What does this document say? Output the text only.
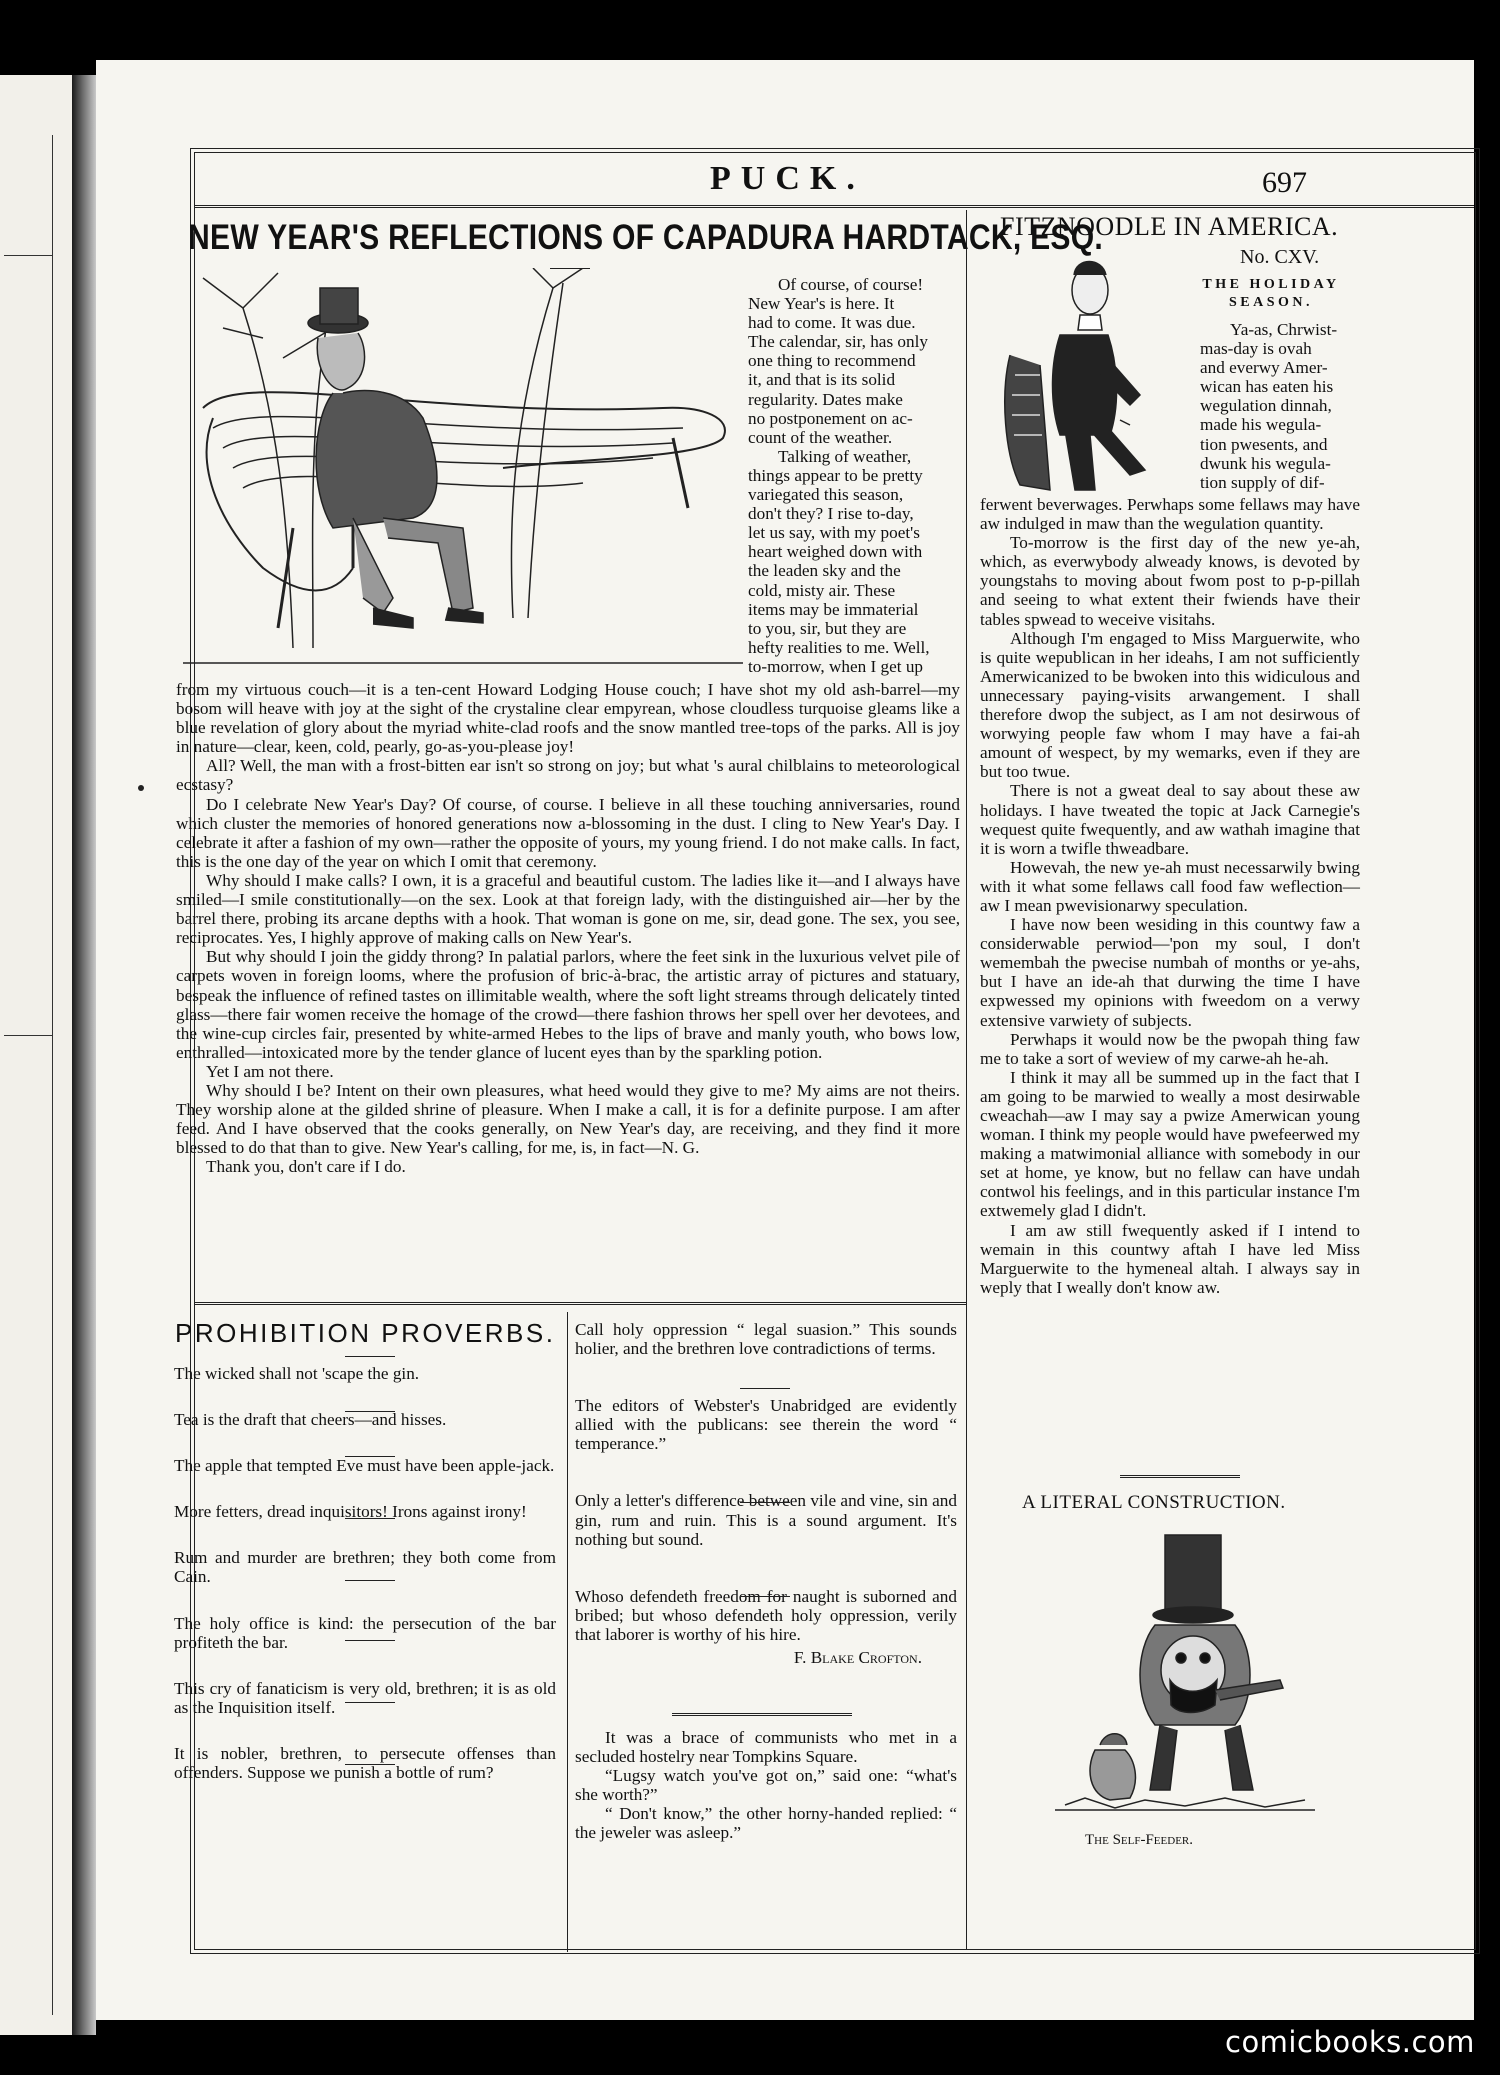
PUCK.	697
NEW YEAR'S REFLECTIONS OF CAPADURA HARDTACK, ESQ.

Of course, of course!

New Year's is here. It

had to come. It was due.

The calendar, sir, has only

one thing to recommend

it, and that is its solid

regularity. Dates make

no postponement on ac-

count of the weather.

Talking of weather,

things appear to be pretty

variegated this season,

don't they? I rise to-day,

let us say, with my poet's

heart weighed down with

the leaden sky and the

cold, misty air. These

items may be immaterial

to you, sir, but they are

hefty realities to me. Well,

to-morrow, when I get up

from my virtuous couch—it is a ten-cent Howard Lodging House couch; I have shot my old ash-barrel—my bosom will heave with joy at the sight of the crystaline clear empyrean, whose cloudless turquoise gleams like a blue revelation of glory about the myriad white-clad roofs and the snow mantled tree-tops of the parks. All is joy in nature—clear, keen, cold, pearly, go-as-you-please joy!

All? Well, the man with a frost-bitten ear isn't so strong on joy; but what 's aural chilblains to meteorological ecstasy?

Do I celebrate New Year's Day? Of course, of course. I believe in all these touching anniversaries, round which cluster the memories of honored generations now a-blossoming in the dust. I cling to New Year's Day. I celebrate it after a fashion of my own—rather the opposite of yours, my young friend. I do not make calls. In fact, this is the one day of the year on which I omit that ceremony.

Why should I make calls? I own, it is a graceful and beautiful custom. The ladies like it—and I always have smiled—I smile constitutionally—on the sex. Look at that foreign lady, with the distinguished air—her by the barrel there, probing its arcane depths with a hook. That woman is gone on me, sir, dead gone. The sex, you see, reciprocates. Yes, I highly approve of making calls on New Year's.

But why should I join the giddy throng? In palatial parlors, where the feet sink in the luxurious velvet pile of carpets woven in foreign looms, where the profusion of bric-à-brac, the artistic array of pictures and statuary, bespeak the influence of refined tastes on illimitable wealth, where the soft light streams through delicately tinted glass—there fair women receive the homage of the crowd—there fashion throws her spell over her devotees, and the wine-cup circles fair, presented by white-armed Hebes to the lips of brave and manly youth, who bows low, enthralled—intoxicated more by the tender glance of lucent eyes than by the sparkling potion.

Yet I am not there.

Why should I be? Intent on their own pleasures, what heed would they give to me? My aims are not theirs. They worship alone at the gilded shrine of pleasure. When I make a call, it is for a definite purpose. I am after feed. And I have observed that the cooks generally, on New Year's day, are receiving, and they find it more blessed to do that than to give. New Year's calling, for me, is, in fact—N. G.

Thank you, don't care if I do.

FITZNOODLE IN AMERICA.
No. CXV.
THE HOLIDAY SEASON.

Ya-as, Chrwist-

mas-day is ovah

and everwy Amer-

wican has eaten his

wegulation dinnah,

made his wegula-

tion pwesents, and

dwunk his wegula-

tion supply of dif-

ferwent beverwages. Perwhaps some fellaws may have aw indulged in maw than the wegulation quantity.

To-morrow is the first day of the new ye-ah, which, as everwybody alweady knows, is devoted by youngstahs to moving about fwom post to p-p-pillah and seeing to what extent their fwiends have their tables spwead to weceive visitahs.

Although I'm engaged to Miss Marguerwite, who is quite wepublican in her ideahs, I am not sufficiently Amerwicanized to be bwoken into this widiculous and unnecessary paying-visits arwangement. I shall therefore dwop the subject, as I am not desirwous of worwying people faw whom I may have a fai-ah amount of wespect, by my wemarks, even if they are but too twue.

There is not a gweat deal to say about these aw holidays. I have tweated the topic at Jack Carnegie's wequest quite fwequently, and aw wathah imagine that it is worn a twifle thweadbare.

Howevah, the new ye-ah must necessarwily bwing with it what some fellaws call food faw weflection—aw I mean pwevisionarwy speculation.

I have now been wesiding in this countwy faw a considerwable perwiod—'pon my soul, I don't wemembah the pwecise numbah of months or ye-ahs, but I have an ide-ah that durwing the time I have expwessed my opinions with fweedom on a verwy extensive varwiety of subjects.

Perwhaps it would now be the pwopah thing faw me to take a sort of weview of my carwe-ah he-ah.

I think it may all be summed up in the fact that I am going to be marwied to weally a most desirwable cweachah—aw I may say a pwize Amerwican young woman. I think my people would have pwefeerwed my making a matwimonial alliance with somebody in our set at home, ye know, but no fellaw can have undah contwol his feelings, and in this particular instance I'm extwemely glad I didn't.

I am aw still fwequently asked if I intend to wemain in this countwy aftah I have led Miss Marguerwite to the hymeneal altah. I always say in weply that I weally don't know aw.

A LITERAL CONSTRUCTION.
The Self-Feeder.
PROHIBITION PROVERBS.

The wicked shall not 'scape the gin.

Tea is the draft that cheers—and hisses.

The apple that tempted Eve must have been apple-jack.

More fetters, dread inquisitors! Irons against irony!

Rum and murder are brethren; they both come from Cain.

The holy office is kind: the persecution of the bar profiteth the bar.

This cry of fanaticism is very old, brethren; it is as old as the Inquisition itself.

It is nobler, brethren, to persecute offenses than offenders. Suppose we punish a bottle of rum?

Call holy oppression “ legal suasion.” This sounds holier, and the brethren love contradictions of terms.

The editors of Webster's Unabridged are evidently allied with the publicans: see therein the word “ temperance.”

Only a letter's difference between vile and vine, sin and gin, rum and ruin. This is a sound argument. It's nothing but sound.

Whoso defendeth freedom for naught is suborned and bribed; but whoso defendeth holy oppression, verily that laborer is worthy of his hire.

F. Blake Crofton.

It was a brace of communists who met in a secluded hostelry near Tompkins Square.

“Lugsy watch you've got on,” said one: “what's she worth?”

“ Don't know,” the other horny-handed replied: “ the jeweler was asleep.”

comicbooks.com
